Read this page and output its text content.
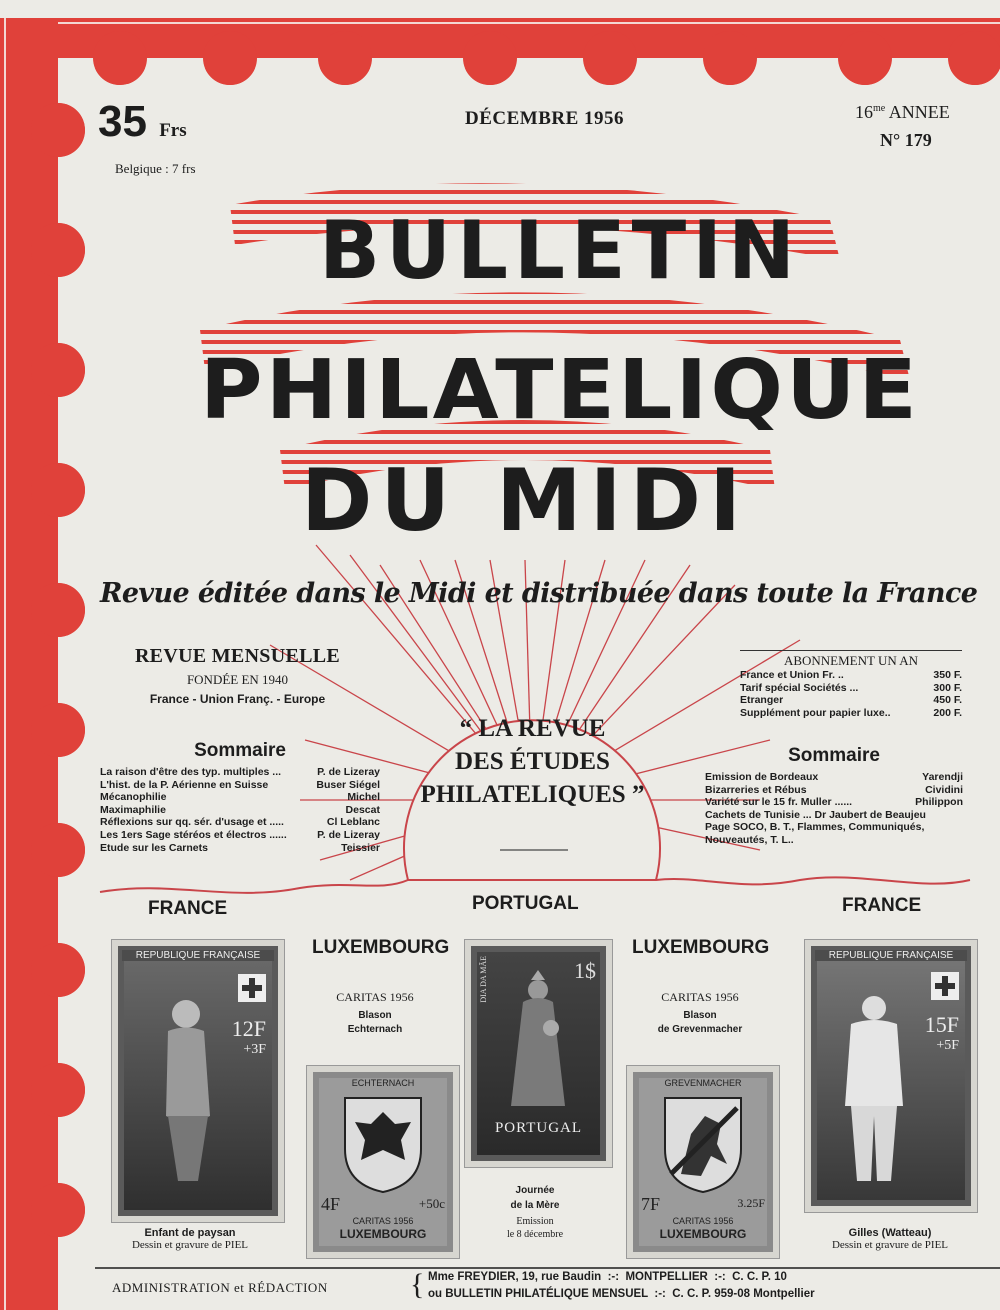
35 Frs
Belgique : 7 frs
DÉCEMBRE 1956	$16^{me}$ ANNEE
N° 179
BULLETIN
PHILATELIQUE
DU MIDI
Revue éditée dans le Midi et distribuée dans toute la France
REVUE MENSUELLE
FONDÉE EN 1940
France - Union Franç. - Europe
ABONNEMENT UN AN
France et Union Fr. ..	350 F.
Tarif spécial Sociétés ...	300 F.
Etranger	450 F.
Supplément pour papier luxe..	200 F.
“ LA REVUE
DES ÉTUDES
PHILATELIQUES ”
Sommaire
La raison d'être des typ. multiples ...	P. de Lizeray
L'hist. de la P. Aérienne en Suisse	Buser Siégel
Mécanophilie	Michel
Maximaphilie	Descat
Réflexions sur qq. sér. d'usage et .....	Cl Leblanc
Les 1ers Sage stéréos et électros ......	P. de Lizeray
Etude sur les Carnets	Teissier
Sommaire
Emission de Bordeaux	Yarendji
Bizarreries et Rébus	Cividini
Variété sur le 15 fr. Muller ......	Philippon
Cachets de Tunisie ... Dr Jaubert de Beaujeu
Page SOCO, B. T., Flammes, Communiqués,
Nouveautés, T. L..
FRANCE	PORTUGAL	FRANCE
LUXEMBOURG	LUXEMBOURG
CARITAS 1956
Blason
Echternach
CARITAS 1956
Blason
de Grevenmacher
REPUBLIQUE FRANÇAISE
12F
+3F
Enfant de paysan
Dessin et gravure de PIEL
ECHTERNACH
4F	+50c
CARITAS 1956
LUXEMBOURG
DIA DA MÃE	1$
PORTUGAL
Journée
de la Mère
Emission
le 8 décembre
GREVENMACHER
7F	3.25F
CARITAS 1956
LUXEMBOURG
REPUBLIQUE FRANÇAISE
15F
+5F
Gilles (Watteau)
Dessin et gravure de PIEL
ADMINISTRATION et RÉDACTION	{ Mme FREYDIER, 19, rue Baudin  :-:  MONTPELLIER  :-:  C. C. P. 10
ou BULLETIN PHILATÉLIQUE MENSUEL  :-:  C. C. P. 959-08 Montpellier
